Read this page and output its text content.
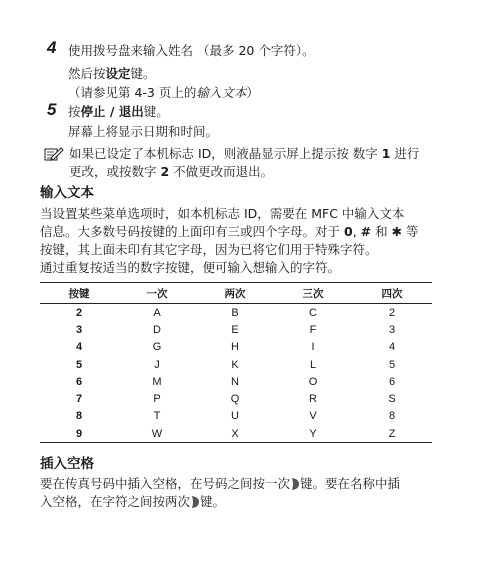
4 使用拨号盘来输入姓名 （最多 20 个字符）。
然后按设定键。
（请参见第 4-3 页上的输入文本）
5 按停止 / 退出键。
屏幕上将显示日期和时间。
如果已设定了本机标志 ID，则液晶显示屏上提示按 数字 1 进行
更改，或按数字 2 不做更改而退出。
输入文本
当设置某些菜单选项时，如本机标志 ID，需要在 MFC 中输入文本
信息。大多数号码按键的上面印有三或四个字母。对于 0, # 和 ✱ 等
按键，其上面未印有其它字母，因为已将它们用于特殊字符。
通过重复按适当的数字按键，便可输入想输入的字符。
按键	一次	两次	三次	四次
2	A	B	C	2
3	D	E	F	3
4	G	H	I	4
5	J	K	L	5
6	M	N	O	6
7	P	Q	R	S
8	T	U	V	8
9	W	X	Y	Z
插入空格
要在传真号码中插入空格，在号码之间按一次 键。要在名称中插
入空格，在字符之间按两次 键。
